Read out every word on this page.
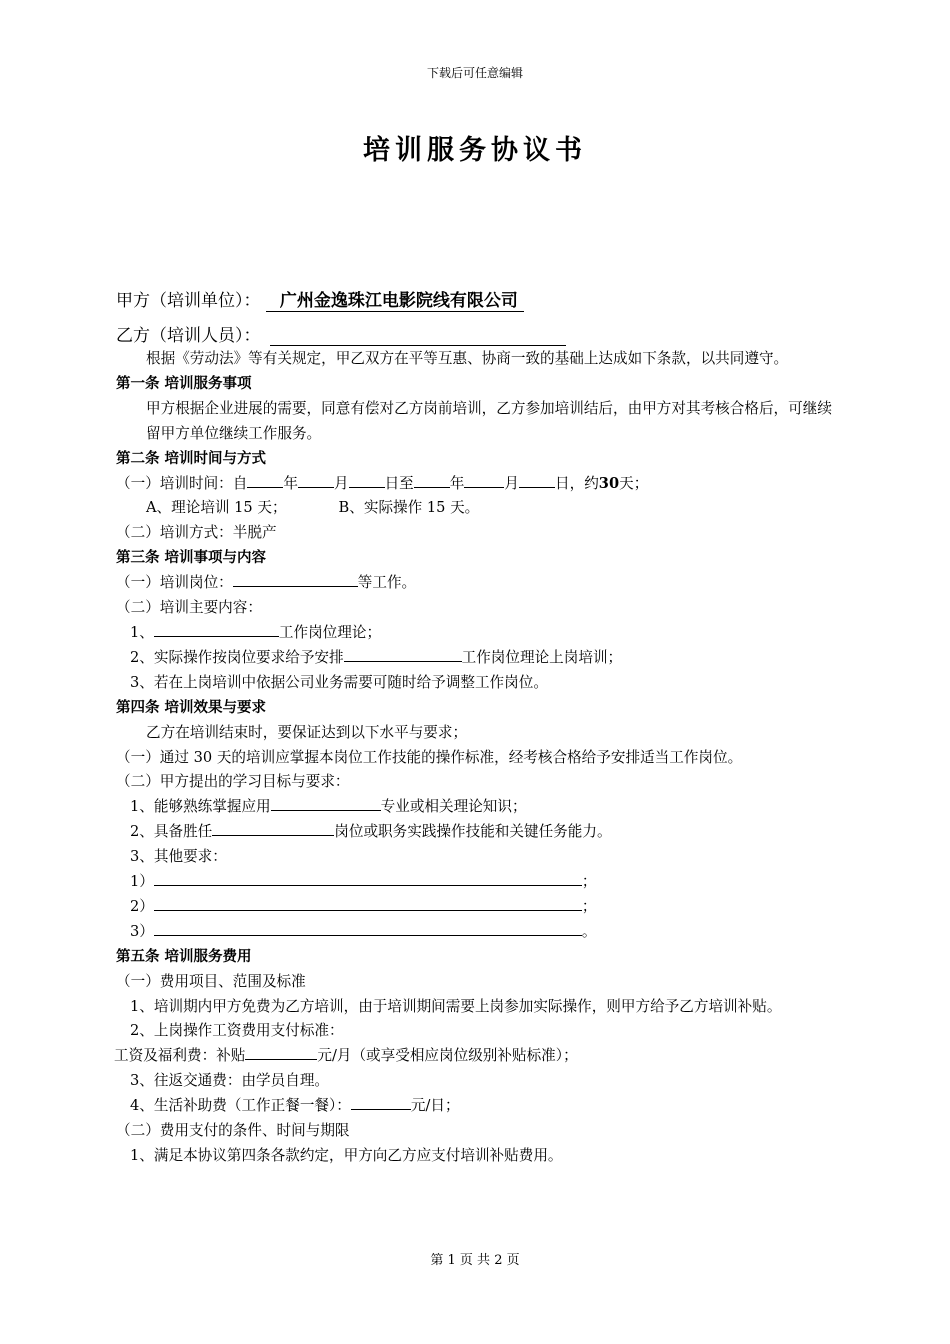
下载后可任意编辑
培训服务协议书
甲方（培训单位）： 广州金逸珠江电影院线有限公司
乙方（培训人员）：
根据《劳动法》等有关规定，甲乙双方在平等互惠、协商一致的基础上达成如下条款，以共同遵守。
第一条 培训服务事项
甲方根据企业进展的需要，同意有偿对乙方岗前培训，乙方参加培训结后，由甲方对其考核合格后，可继续留甲方单位继续工作服务。
第二条 培训时间与方式
（一）培训时间：自 年 月 日至 年	月 日，约30天；
A、理论培训 15 天；	B、实际操作 15 天。
（二）培训方式：半脱产
第三条 培训事项与内容
（一）培训岗位：	等工作。
（二）培训主要内容：
1、	工作岗位理论；
2、实际操作按岗位要求给予安排	工作岗位理论上岗培训；
3、若在上岗培训中依据公司业务需要可随时给予调整工作岗位。
第四条 培训效果与要求
乙方在培训结束时，要保证达到以下水平与要求；
（一）通过 30 天的培训应掌握本岗位工作技能的操作标准，经考核合格给予安排适当工作岗位。
（二）甲方提出的学习目标与要求：
1、能够熟练掌握应用	专业或相关理论知识；
2、具备胜任	岗位或职务实践操作技能和关键任务能力。
3、其他要求：
1）	；
2）	；
3）	。
第五条 培训服务费用
（一）费用项目、范围及标准
1、培训期内甲方免费为乙方培训，由于培训期间需要上岗参加实际操作，则甲方给予乙方培训补贴。
2、上岗操作工资费用支付标准：
工资及福利费：补贴	元/月（或享受相应岗位级别补贴标准）；
3、往返交通费：由学员自理。
4、生活补助费（工作正餐一餐）：	元/日；
（二）费用支付的条件、时间与期限
1、满足本协议第四条各款约定，甲方向乙方应支付培训补贴费用。
第 1 页 共 2 页
